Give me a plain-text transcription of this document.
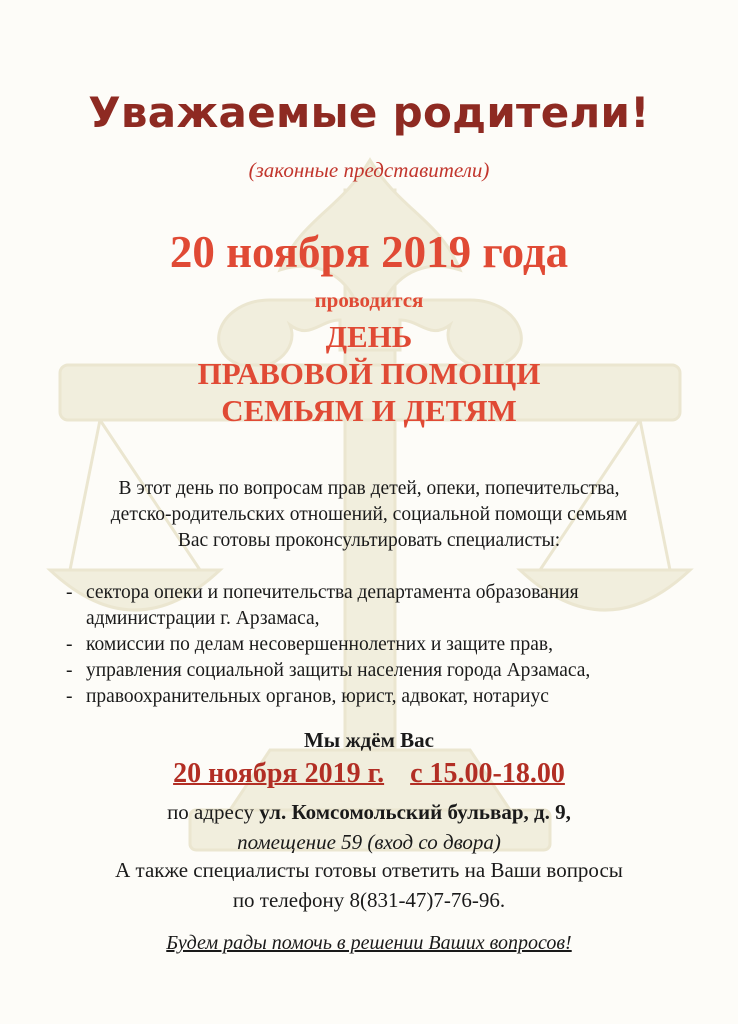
Уважаемые родители!
(законные представители)
20 ноября 2019 года
проводится
ДЕНЬ
ПРАВОВОЙ ПОМОЩИ
СЕМЬЯМ И ДЕТЯМ
В этот день по вопросам прав детей, опеки, попечительства,
детско-родительских отношений, социальной помощи семьям
Вас готовы проконсультировать специалисты:
- сектора опеки и попечительства департамента образования
администрации г. Арзамаса,
- комиссии по делам несовершеннолетних и защите прав,
- управления социальной защиты населения города Арзамаса,
- правоохранительных органов, юрист, адвокат, нотариус
Мы ждём Вас
20 ноября 2019 г. с 15.00-18.00
по адресу ул. Комсомольский бульвар, д. 9,
помещение 59 (вход со двора)
А также специалисты готовы ответить на Ваши вопросы
по телефону 8(831-47)7-76-96.
Будем рады помочь в решении Ваших вопросов!
